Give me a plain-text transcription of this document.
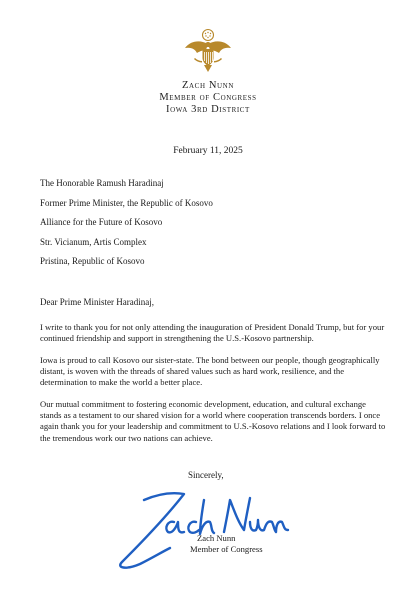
Zach Nunn
Member of Congress
Iowa 3rd District
February 11, 2025
The Honorable Ramush Haradinaj
Former Prime Minister, the Republic of Kosovo
Alliance for the Future of Kosovo
Str. Vicianum, Artis Complex
Pristina, Republic of Kosovo
Dear Prime Minister Haradinaj,

I write to thank you for not only attending the inauguration of President Donald Trump, but for your continued friendship and support in strengthening the U.S.-Kosovo partnership.

Iowa is proud to call Kosovo our sister-state. The bond between our people, though geographically distant, is woven with the threads of shared values such as hard work, resilience, and the determination to make the world a better place.

Our mutual commitment to fostering economic development, education, and cultural exchange stands as a testament to our shared vision for a world where cooperation transcends borders. I once again thank you for your leadership and commitment to U.S.-Kosovo relations and I look forward to the tremendous work our two nations can achieve.

Sincerely,
Zach Nunn
Member of Congress
